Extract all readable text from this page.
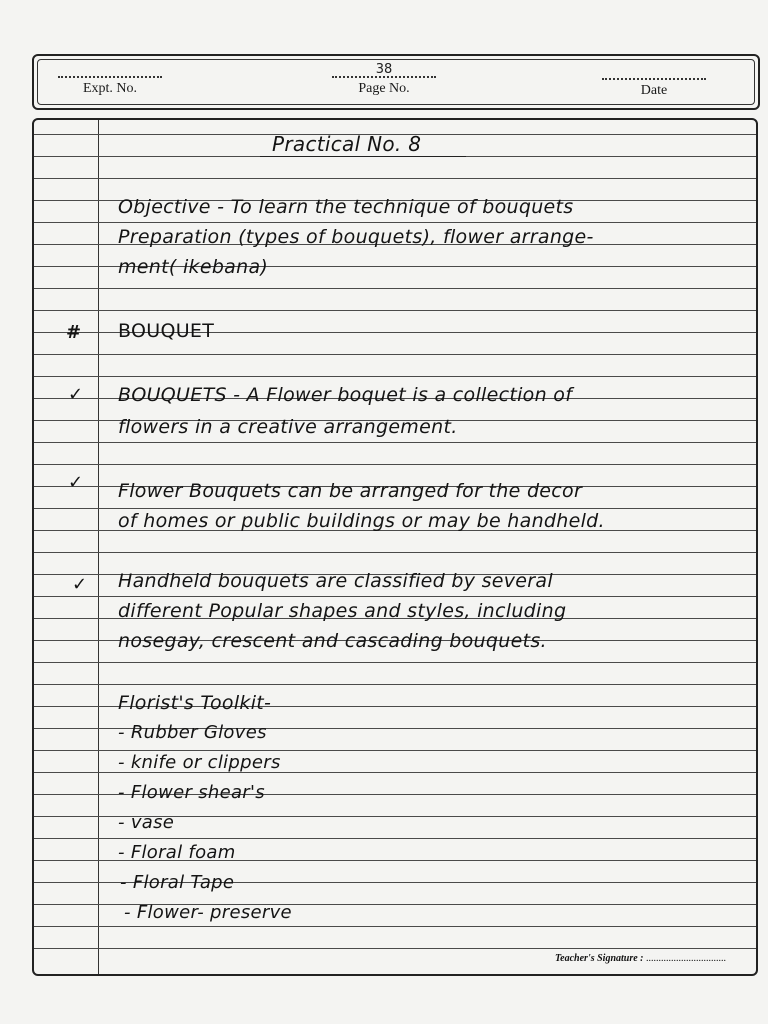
Expt. No.
38
Page No.	Date
Practical No. 8
Objective - To learn the technique of bouquets
Preparation (types of bouquets), flower arrange-
ment( ikebana)
# BOUQUET
✓ BOUQUETS - A Flower boquet is a collection of
flowers in a creative arrangement.
✓ Flower Bouquets can be arranged for the decor
of homes or public buildings or may be handheld.
✓ Handheld bouquets are classified by several
different Popular shapes and styles, including
nosegay, crescent and cascading bouquets.
Florist's Toolkit-
- Rubber Gloves
- knife or clippers
- Flower shear's
- vase
- Floral foam
- Floral Tape
- Flower- preserve
Teacher's Signature : ................................
